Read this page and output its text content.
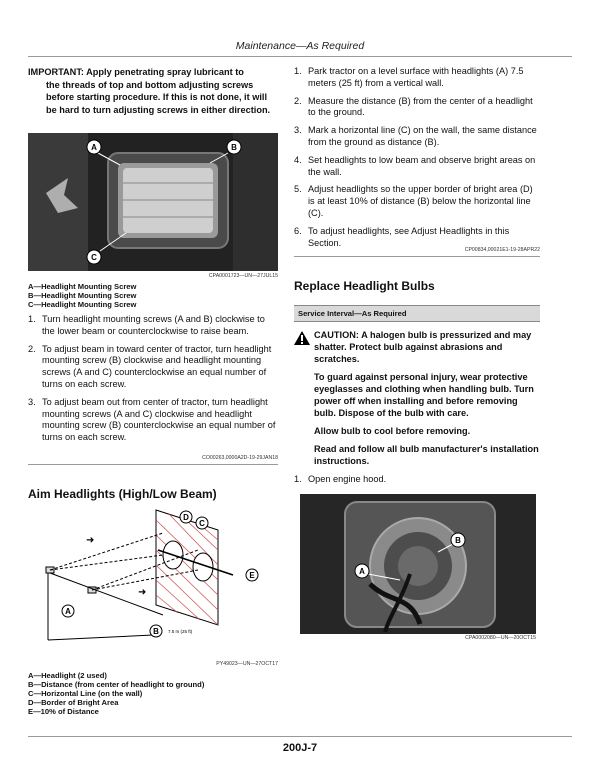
Maintenance—As Required
IMPORTANT: Apply penetrating spray lubricant to
the threads of top and bottom adjusting screws before starting procedure. If this is not done, it will be hard to turn adjusting screws in either direction.
A	B
C
CPA0001723—UN—27JUL15
A—Headlight Mounting Screw
B—Headlight Mounting Screw
C—Headlight Mounting Screw
1. Turn headlight mounting screws (A and B) clockwise to the lower beam or counterclockwise to raise beam.
2. To adjust beam in toward center of tractor, turn headlight mounting screw (B) clockwise and headlight mounting screws (A and C) counterclockwise an equal number of turns on each screw.
3. To adjust beam out from center of tractor, turn headlight mounting screws (A and C) clockwise and headlight mounting screw (B) counterclockwise an equal number of turns on each screw.
CO00263,0000A2D-19-29JAN18
Aim Headlights (High/Low Beam)
➜
➜
D
C
E
A
B 7.5 m (25 ft)
PY49023—UN—27OCT17
A—Headlight (2 used)
B—Distance (from center of headlight to ground)
C—Horizontal Line (on the wall)
D—Border of Bright Area
E—10% of Distance
1. Park tractor on a level surface with headlights (A) 7.5 meters (25 ft) from a vertical wall.
2. Measure the distance (B) from the center of a headlight to the ground.
3. Mark a horizontal line (C) on the wall, the same distance from the ground as distance (B).
4. Set headlights to low beam and observe bright areas on the wall.
5. Adjust headlights so the upper border of bright area (D) is at least 10% of distance (B) below the horizontal line (C).
6. To adjust headlights, see Adjust Headlights in this Section.
CP00834,00021E1-19-28APR22
Replace Headlight Bulbs
Service Interval—As Required

CAUTION: A halogen bulb is pressurized and may shatter. Protect bulb against abrasions and scratches.

To guard against personal injury, wear protective eyeglasses and clothing when handling bulb. Turn power off when installing and before removing bulb. Dispose of the bulb with care.

Allow bulb to cool before removing.

Read and follow all bulb manufacturer's installation instructions.

1. Open engine hood.
B
A
CPA0002080—UN—20OCT15
200J-7
